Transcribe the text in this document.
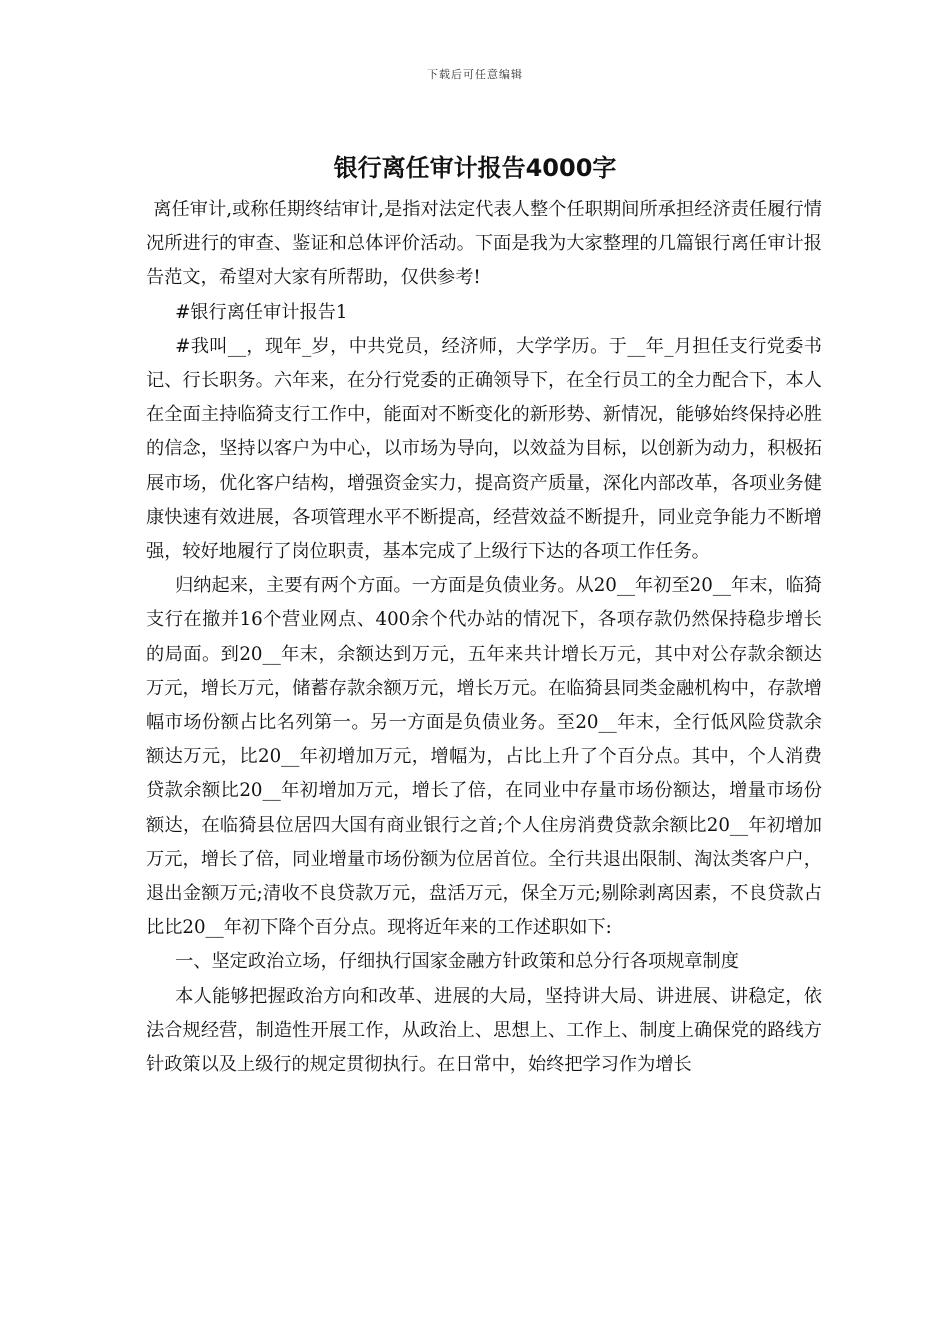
下载后可任意编辑
银行离任审计报告4000字

离任审计,或称任期终结审计,是指对法定代表人整个任职期间所承担经济责任履行情况所进行的审查、鉴证和总体评价活动。下面是我为大家整理的几篇银行离任审计报告范文，希望对大家有所帮助，仅供参考!

#银行离任审计报告1

#我叫__，现年_岁，中共党员，经济师，大学学历。于__年_月担任支行党委书记、行长职务。六年来，在分行党委的正确领导下，在全行员工的全力配合下，本人在全面主持临猗支行工作中，能面对不断变化的新形势、新情况，能够始终保持必胜的信念，坚持以客户为中心，以市场为导向，以效益为目标，以创新为动力，积极拓展市场，优化客户结构，增强资金实力，提高资产质量，深化内部改革，各项业务健康快速有效进展，各项管理水平不断提高，经营效益不断提升，同业竞争能力不断增强，较好地履行了岗位职责，基本完成了上级行下达的各项工作任务。

归纳起来，主要有两个方面。一方面是负债业务。从20__年初至20__年末，临猗支行在撤并16个营业网点、400余个代办站的情况下，各项存款仍然保持稳步增长的局面。到20__年末，余额达到万元，五年来共计增长万元，其中对公存款余额达万元，增长万元，储蓄存款余额万元，增长万元。在临猗县同类金融机构中，存款增幅市场份额占比名列第一。另一方面是负债业务。至20__年末，全行低风险贷款余额达万元，比20__年初增加万元，增幅为，占比上升了个百分点。其中，个人消费贷款余额比20__年初增加万元，增长了倍，在同业中存量市场份额达，增量市场份额达，在临猗县位居四大国有商业银行之首;个人住房消费贷款余额比20__年初增加万元，增长了倍，同业增量市场份额为位居首位。全行共退出限制、淘汰类客户户，退出金额万元;清收不良贷款万元，盘活万元，保全万元;剔除剥离因素，不良贷款占比比20__年初下降个百分点。现将近年来的工作述职如下:

一、坚定政治立场，仔细执行国家金融方针政策和总分行各项规章制度

本人能够把握政治方向和改革、进展的大局，坚持讲大局、讲进展、讲稳定，依法合规经营，制造性开展工作，从政治上、思想上、工作上、制度上确保党的路线方针政策以及上级行的规定贯彻执行。在日常中，始终把学习作为增长
